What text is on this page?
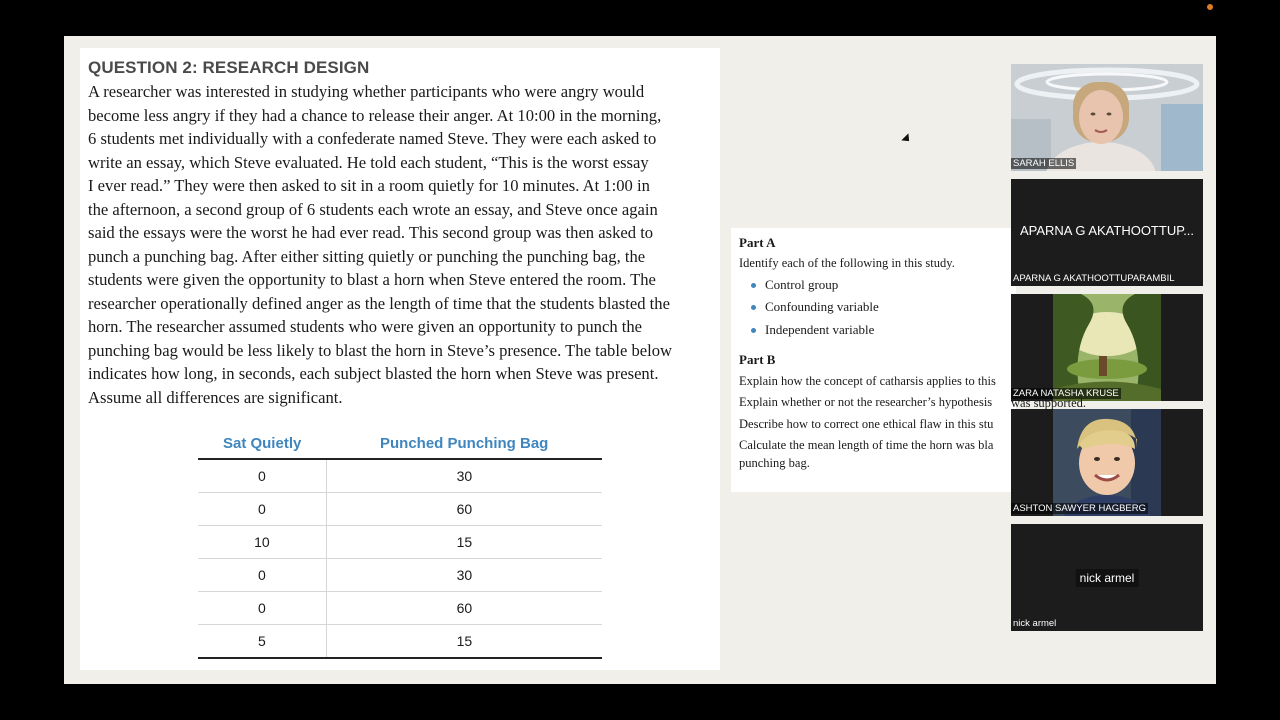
QUESTION 2: RESEARCH DESIGN
A researcher was interested in studying whether participants who were angry would
become less angry if they had a chance to release their anger. At 10:00 in the morning,
6 students met individually with a confederate named Steve. They were each asked to
write an essay, which Steve evaluated. He told each student, “This is the worst essay
I ever read.” They were then asked to sit in a room quietly for 10 minutes. At 1:00 in
the afternoon, a second group of 6 students each wrote an essay, and Steve once again
said the essays were the worst he had ever read. This second group was then asked to
punch a punching bag. After either sitting quietly or punching the punching bag, the
students were given the opportunity to blast a horn when Steve entered the room. The
researcher operationally defined anger as the length of time that the students blasted the
horn. The researcher assumed students who were given an opportunity to punch the
punching bag would be less likely to blast the horn in Steve’s presence. The table below
indicates how long, in seconds, each subject blasted the horn when Steve was present.
Assume all differences are significant.
Sat Quietly	Punched Punching Bag
0	30
0	60
10	15
0	30
0	60
5	15
Part A
Identify each of the following in this study.
Control group
Confounding variable
Independent variable
Part B
Explain how the concept of catharsis applies to this
Explain whether or not the researcher’s hypothesis
Describe how to correct one ethical flaw in this stu
Calculate the mean length of time the horn was bla
punching bag.
SARAH ELLIS
APARNA G AKATHOOTTUP...
APARNA G AKATHOOTTUPARAMBIL
ZARA NATASHA KRUSE
ASHTON SAWYER HAGBERG
nick armel
nick armel
was supported.
